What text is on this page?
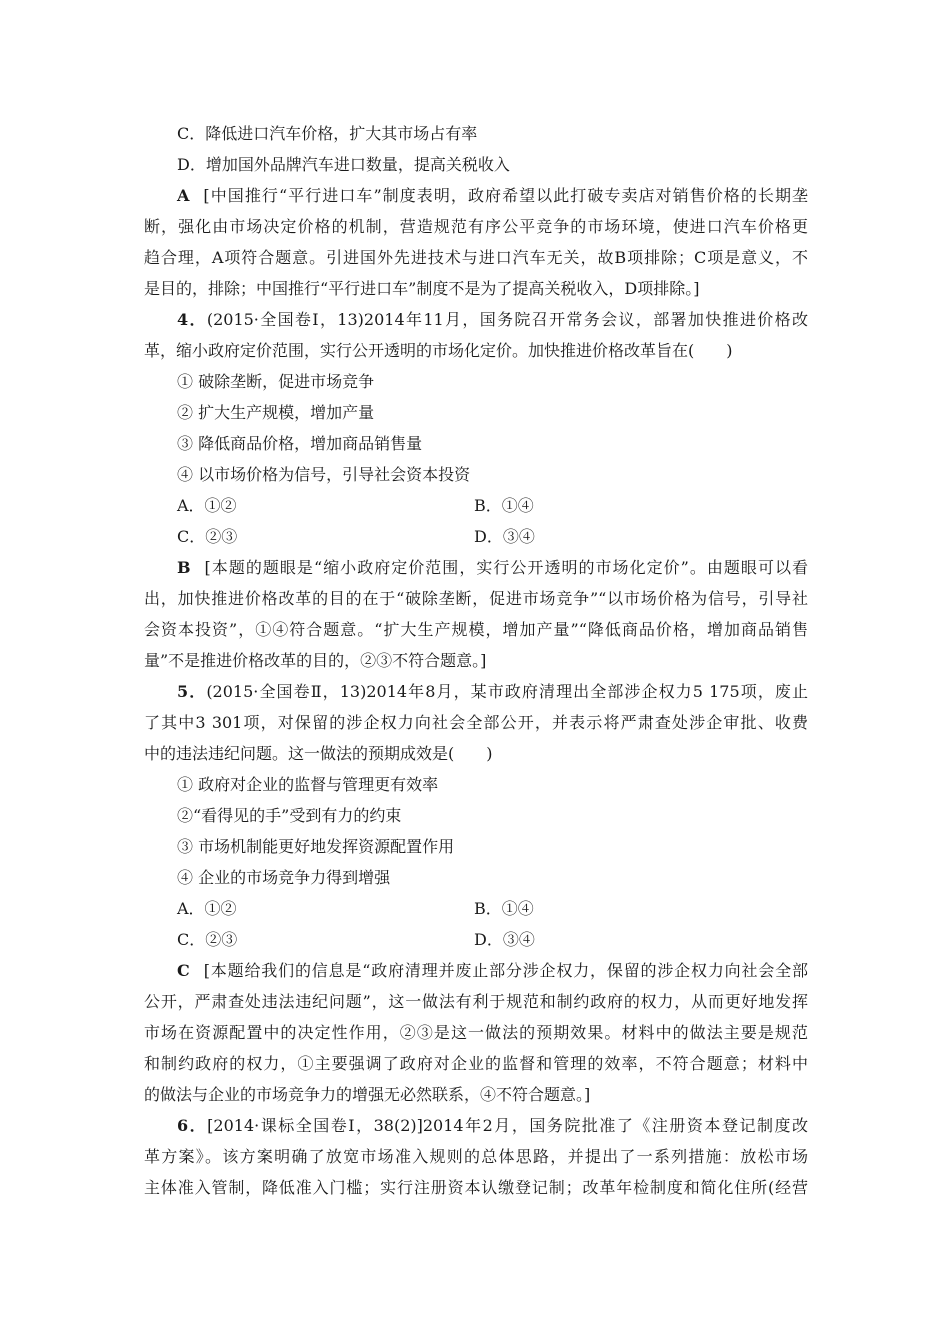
C．降低进口汽车价格，扩大其市场占有率
D．增加国外品牌汽车进口数量，提高关税收入
A [中国推行“平行进口车”制度表明，政府希望以此打破专卖店对销售价格的长期垄
断，强化由市场决定价格的机制，营造规范有序公平竞争的市场环境，使进口汽车价格更
趋合理，A项符合题意。引进国外先进技术与进口汽车无关，故B项排除；C项是意义，不
是目的，排除；中国推行“平行进口车”制度不是为了提高关税收入，D项排除。]
4．(2015·全国卷Ⅰ，13)2014年11月，国务院召开常务会议，部署加快推进价格改
革，缩小政府定价范围，实行公开透明的市场化定价。加快推进价格改革旨在(　　)
① 破除垄断，促进市场竞争
② 扩大生产规模，增加产量
③ 降低商品价格，增加商品销售量
④ 以市场价格为信号，引导社会资本投资
A．①②	B．①④
C．②③	D．③④
B [本题的题眼是“缩小政府定价范围，实行公开透明的市场化定价”。由题眼可以看
出，加快推进价格改革的目的在于“破除垄断，促进市场竞争”“以市场价格为信号，引导社
会资本投资”，①④符合题意。“扩大生产规模，增加产量”“降低商品价格，增加商品销售
量”不是推进价格改革的目的，②③不符合题意。]
5．(2015·全国卷Ⅱ，13)2014年8月，某市政府清理出全部涉企权力5 175项，废止
了其中3 301项，对保留的涉企权力向社会全部公开，并表示将严肃查处涉企审批、收费
中的违法违纪问题。这一做法的预期成效是(　　)
① 政府对企业的监督与管理更有效率
②“看得见的手”受到有力的约束
③ 市场机制能更好地发挥资源配置作用
④ 企业的市场竞争力得到增强
A．①②	B．①④
C．②③	D．③④
C [本题给我们的信息是“政府清理并废止部分涉企权力，保留的涉企权力向社会全部
公开，严肃查处违法违纪问题”，这一做法有利于规范和制约政府的权力，从而更好地发挥
市场在资源配置中的决定性作用，②③是这一做法的预期效果。材料中的做法主要是规范
和制约政府的权力，①主要强调了政府对企业的监督和管理的效率，不符合题意；材料中
的做法与企业的市场竞争力的增强无必然联系，④不符合题意。]
6．[2014·课标全国卷Ⅰ，38(2)]2014年2月，国务院批准了《注册资本登记制度改
革方案》。该方案明确了放宽市场准入规则的总体思路，并提出了一系列措施：放松市场
主体准入管制，降低准入门槛；实行注册资本认缴登记制；改革年检制度和简化住所(经营
